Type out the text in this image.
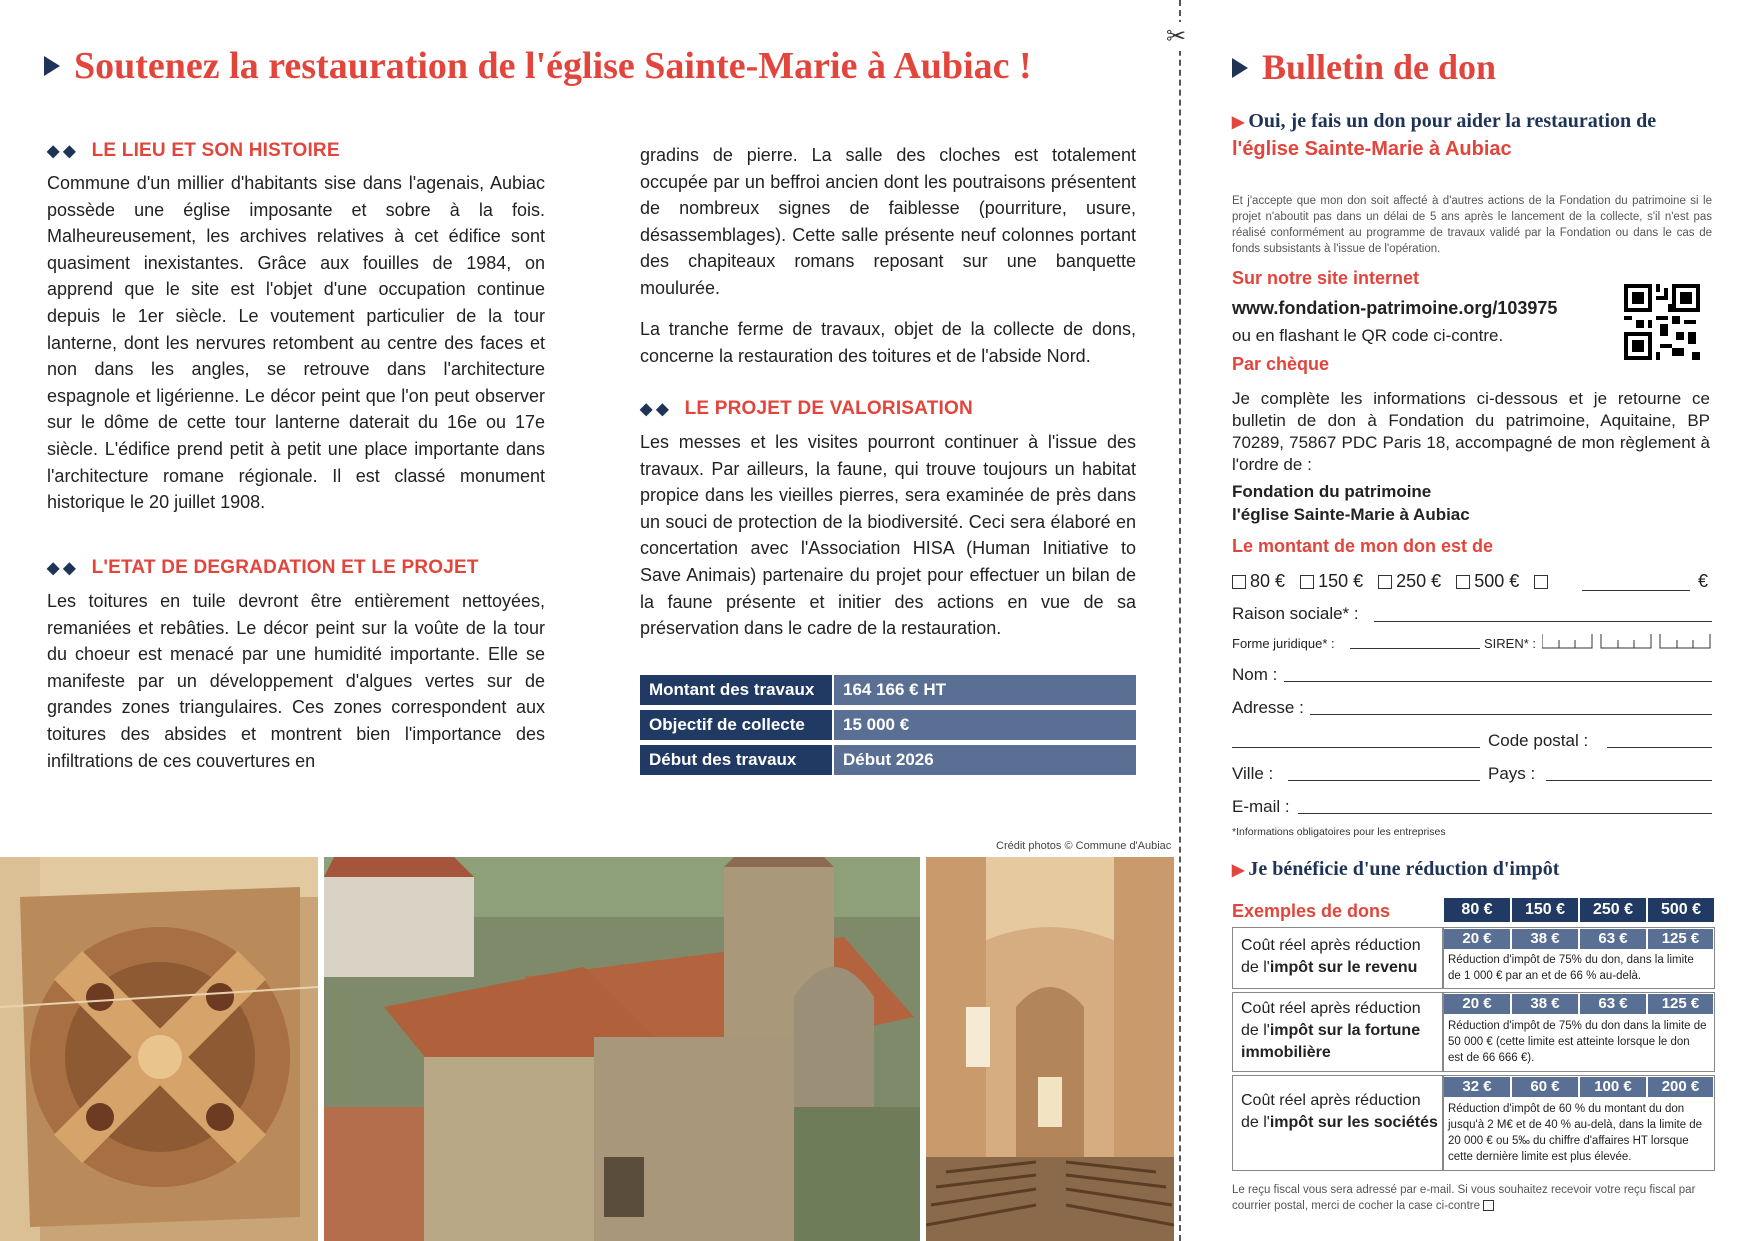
Soutenez la restauration de l'église Sainte-Marie à Aubiac !
◆◆ LE LIEU ET SON HISTOIRE
Commune d'un millier d'habitants sise dans l'agenais, Aubiac possède une église imposante et sobre à la fois. Malheureusement, les archives relatives à cet édifice sont quasiment inexistantes. Grâce aux fouilles de 1984, on apprend que le site est l'objet d'une occupation continue depuis le 1er siècle. Le voutement particulier de la tour lanterne, dont les nervures retombent au centre des faces et non dans les angles, se retrouve dans l'architecture espagnole et ligérienne. Le décor peint que l'on peut observer sur le dôme de cette tour lanterne daterait du 16e ou 17e siècle. L'édifice prend petit à petit une place importante dans l'architecture romane régionale. Il est classé monument historique le 20 juillet 1908.
◆◆ L'ETAT DE DEGRADATION ET LE PROJET
Les toitures en tuile devront être entièrement nettoyées, remaniées et rebâties. Le décor peint sur la voûte de la tour du choeur est menacé par une humidité importante. Elle se manifeste par un développement d'algues vertes sur de grandes zones triangulaires. Ces zones correspondent aux toitures des absides et montrent bien l'importance des infiltrations de ces couvertures en
gradins de pierre. La salle des cloches est totalement occupée par un beffroi ancien dont les poutraisons présentent de nombreux signes de faiblesse (pourriture, usure, désassemblages). Cette salle présente neuf colonnes portant des chapiteaux romans reposant sur une banquette moulurée.
La tranche ferme de travaux, objet de la collecte de dons, concerne la restauration des toitures et de l'abside Nord.
◆◆ LE PROJET DE VALORISATION
Les messes et les visites pourront continuer à l'issue des travaux. Par ailleurs, la faune, qui trouve toujours un habitat propice dans les vieilles pierres, sera examinée de près dans un souci de protection de la biodiversité. Ceci sera élaboré en concertation avec l'Association HISA (Human Initiative to Save Animais) partenaire du projet pour effectuer un bilan de la faune présente et initier des actions en vue de sa préservation dans le cadre de la restauration.
Montant des travaux		164 166 € HT
Objectif de collecte		15 000 €
Début des travaux		Début 2026
Crédit photos © Commune d'Aubiac
✂
Bulletin de don
▶ Oui, je fais un don pour aider la restauration de
l'église Sainte-Marie à Aubiac
Et j'accepte que mon don soit affecté à d'autres actions de la Fondation du patrimoine si le projet n'aboutit pas dans un délai de 5 ans après le lancement de la collecte, s'il n'est pas réalisé conformément au programme de travaux validé par la Fondation ou dans le cas de fonds subsistants à l'issue de l'opération.
Sur notre site internet
www.fondation-patrimoine.org/103975
ou en flashant le QR code ci-contre.
Par chèque
Je complète les informations ci-dessous et je retourne ce bulletin de don à Fondation du patrimoine, Aquitaine, BP 70289, 75867 PDC Paris 18, accompagné de mon règlement à l'ordre de :
Fondation du patrimoine
l'église Sainte-Marie à Aubiac
Le montant de mon don est de
80 € 150 € 250 € 500 €	€
Raison sociale* :
Forme juridique* :	SIREN* :
Nom :
Adresse :
Code postal :
Ville :	Pays :
E-mail :
*Informations obligatoires pour les entreprises
▶ Je bénéficie d'une réduction d'impôt
Exemples de dons	80 €	150 €	250 €	500 €
Coût réel après réduction
de l'impôt sur le revenu
20 €	38 €	63 €	125 €
Réduction d'impôt de 75% du don, dans la limite de 1 000 € par an et de 66 % au-delà.
Coût réel après réduction
de l'impôt sur la fortune immobilière
20 €	38 €	63 €	125 €
Réduction d'impôt de 75% du don dans la limite de 50 000 € (cette limite est atteinte lorsque le don est de 66 666 €).
Coût réel après réduction
de l'impôt sur les sociétés
32 €	60 €	100 €	200 €
Réduction d'impôt de 60 % du montant du don jusqu'à 2 M€ et de 40 % au-delà, dans la limite de 20 000 € ou 5‰ du chiffre d'affaires HT lorsque cette dernière limite est plus élevée.
Le reçu fiscal vous sera adressé par e-mail. Si vous souhaitez recevoir votre reçu fiscal par courrier postal, merci de cocher la case ci-contre
